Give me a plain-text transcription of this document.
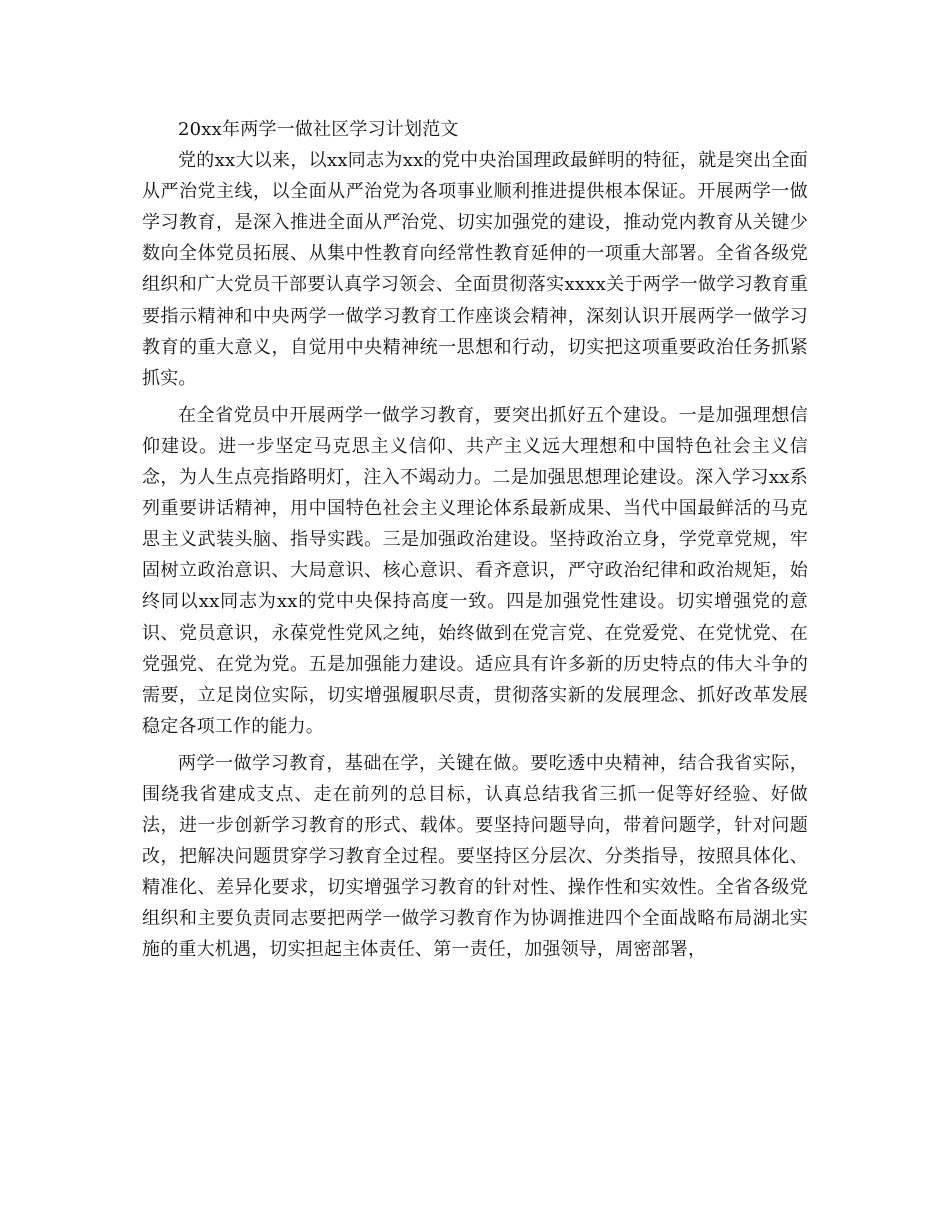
20xx年两学一做社区学习计划范文

党的xx大以来，以xx同志为xx的党中央治国理政最鲜明的特征，就是突出全面从严治党主线，以全面从严治党为各项事业顺利推进提供根本保证。开展两学一做学习教育，是深入推进全面从严治党、切实加强党的建设，推动党内教育从关键少数向全体党员拓展、从集中性教育向经常性教育延伸的一项重大部署。全省各级党组织和广大党员干部要认真学习领会、全面贯彻落实xxxx关于两学一做学习教育重要指示精神和中央两学一做学习教育工作座谈会精神，深刻认识开展两学一做学习教育的重大意义，自觉用中央精神统一思想和行动，切实把这项重要政治任务抓紧抓实。

在全省党员中开展两学一做学习教育，要突出抓好五个建设。一是加强理想信仰建设。进一步坚定马克思主义信仰、共产主义远大理想和中国特色社会主义信念，为人生点亮指路明灯，注入不竭动力。二是加强思想理论建设。深入学习xx系列重要讲话精神，用中国特色社会主义理论体系最新成果、当代中国最鲜活的马克思主义武装头脑、指导实践。三是加强政治建设。坚持政治立身，学党章党规，牢固树立政治意识、大局意识、核心意识、看齐意识，严守政治纪律和政治规矩，始终同以xx同志为xx的党中央保持高度一致。四是加强党性建设。切实增强党的意识、党员意识，永葆党性党风之纯，始终做到在党言党、在党爱党、在党忧党、在党强党、在党为党。五是加强能力建设。适应具有许多新的历史特点的伟大斗争的需要，立足岗位实际，切实增强履职尽责，贯彻落实新的发展理念、抓好改革发展稳定各项工作的能力。

两学一做学习教育，基础在学，关键在做。要吃透中央精神，结合我省实际，围绕我省建成支点、走在前列的总目标，认真总结我省三抓一促等好经验、好做法，进一步创新学习教育的形式、载体。要坚持问题导向，带着问题学，针对问题改，把解决问题贯穿学习教育全过程。要坚持区分层次、分类指导，按照具体化、精准化、差异化要求，切实增强学习教育的针对性、操作性和实效性。全省各级党组织和主要负责同志要把两学一做学习教育作为协调推进四个全面战略布局湖北实施的重大机遇，切实担起主体责任、第一责任，加强领导，周密部署，
